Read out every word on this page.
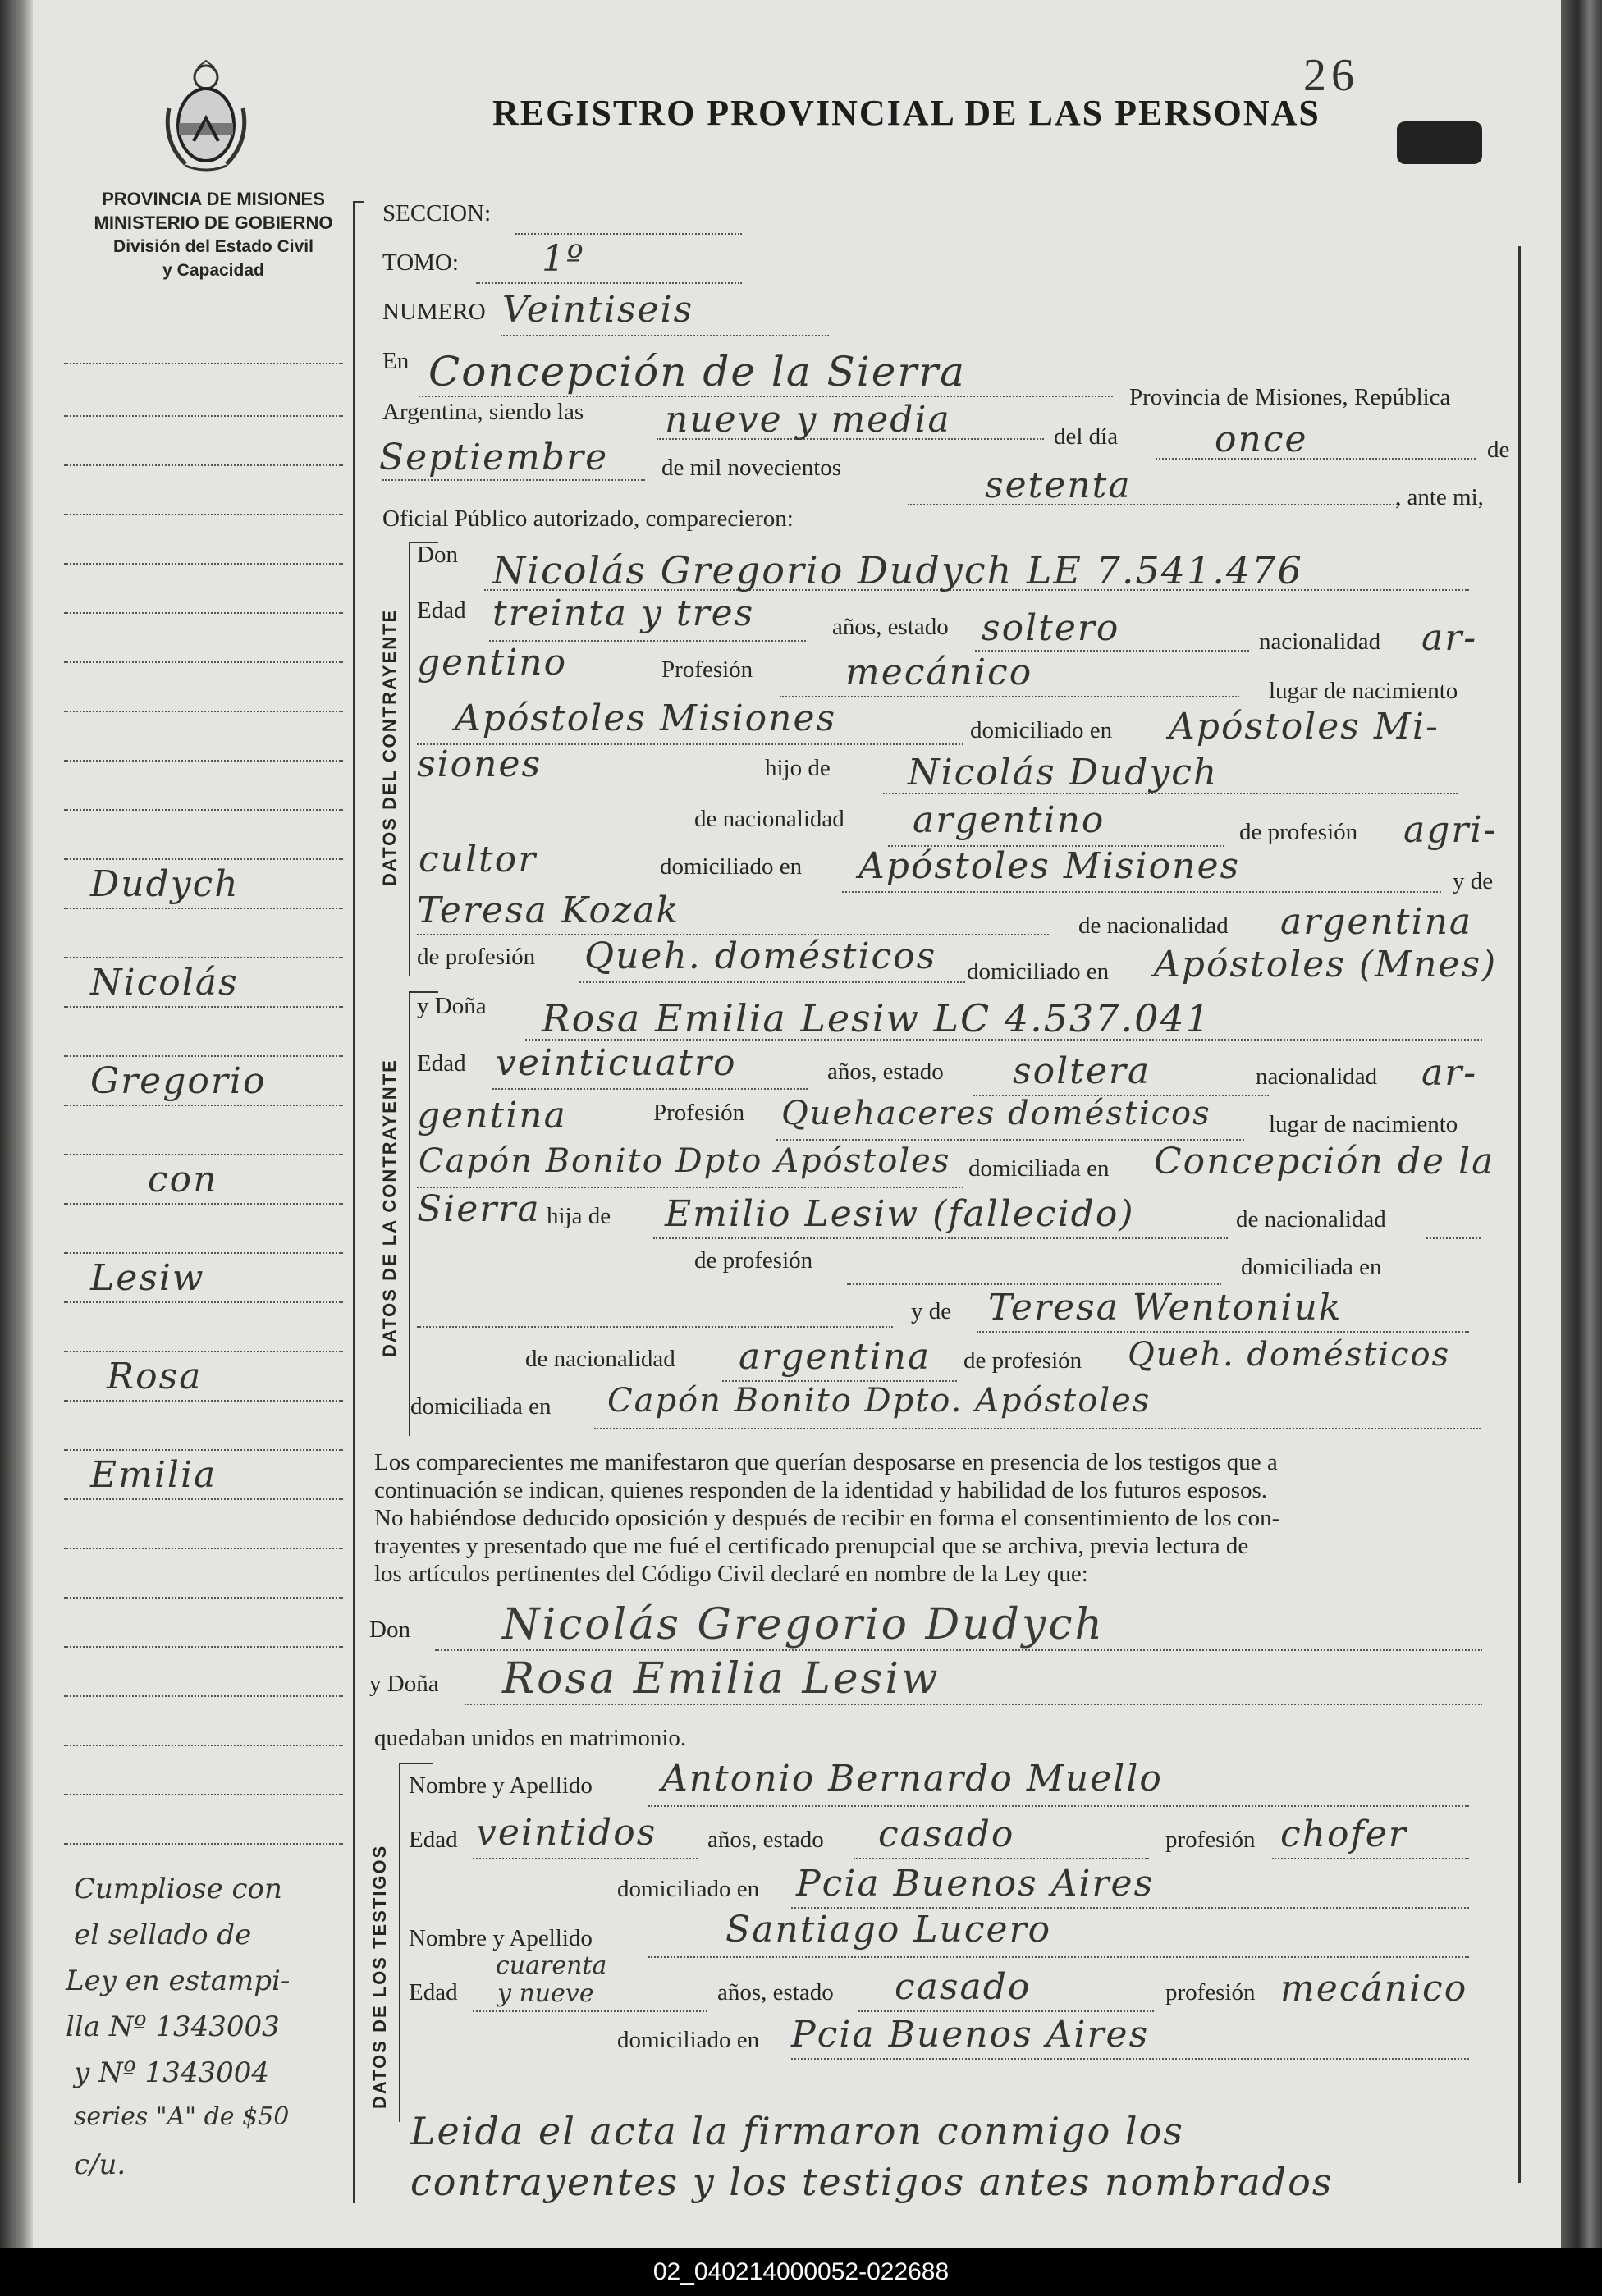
PROVINCIA DE MISIONES
MINISTERIO DE GOBIERNO
División del Estado Civil
y Capacidad
REGISTRO PROVINCIAL DE LAS PERSONAS
26
Dudych
Nicolás
Gregorio
con
Lesiw
Rosa
Emilia
Cumpliose con
el sellado de
Ley en estampi-
lla Nº 1343003
y Nº 1343004
series "A" de $50
c/u.
SECCION:
TOMO: 1º
NUMERO Veintiseis
En Concepción de la Sierra
Provincia de Misiones, República
Argentina, siendo las nueve y media	del día	once	de
Septiembre de mil novecientos	setenta	, ante mi,
Oficial Público autorizado, comparecieron:
DATOS DEL CONTRAYENTE
Don Nicolás Gregorio Dudych LE 7.541.476
Edad treinta y tres	años, estado soltero	nacionalidad ar-
gentino	Profesión	mecánico	lugar de nacimiento
Apóstoles Misiones	domiciliado en Apóstoles Mi-
siones	hijo de Nicolás Dudych
de nacionalidad argentino	de profesión agri-
cultor	domiciliado en Apóstoles Misiones	y de
Teresa Kozak	de nacionalidad argentina
de profesión Queh. domésticos domiciliado en Apóstoles (Mnes)
DATOS DE LA CONTRAYENTE
y Doña Rosa Emilia Lesiw LC 4.537.041
Edad veinticuatro	años, estado soltera	nacionalidad ar-
gentina	Profesión Quehaceres domésticos lugar de nacimiento
Capón Bonito Dpto Apóstoles domiciliada en Concepción de la
Sierra hija de Emilio Lesiw (fallecido)	de nacionalidad
de profesión	domiciliada en
y de Teresa Wentoniuk
de nacionalidad argentina de profesión Queh. domésticos
domiciliada en Capón Bonito Dpto. Apóstoles
Los comparecientes me manifestaron que querían desposarse en presencia de los testigos que a
continuación se indican, quienes responden de la identidad y habilidad de los futuros esposos.
No habiéndose deducido oposición y después de recibir en forma el consentimiento de los con-
trayentes y presentado que me fué el certificado prenupcial que se archiva, previa lectura de
los artículos pertinentes del Código Civil declaré en nombre de la Ley que:
Don Nicolás Gregorio Dudych
y Doña Rosa Emilia Lesiw
quedaban unidos en matrimonio.
DATOS DE LOS TESTIGOS
Nombre y Apellido Antonio Bernardo Muello
Edad veintidos años, estado casado	profesión chofer
domiciliado en Pcia Buenos Aires
Nombre y Apellido	Santiago Lucero
Edad
cuarenta
y nueve	años, estado casado	profesión mecánico
domiciliado en Pcia Buenos Aires
Leida el acta la firmaron conmigo los
contrayentes y los testigos antes nombrados
02_040214000052-022688
